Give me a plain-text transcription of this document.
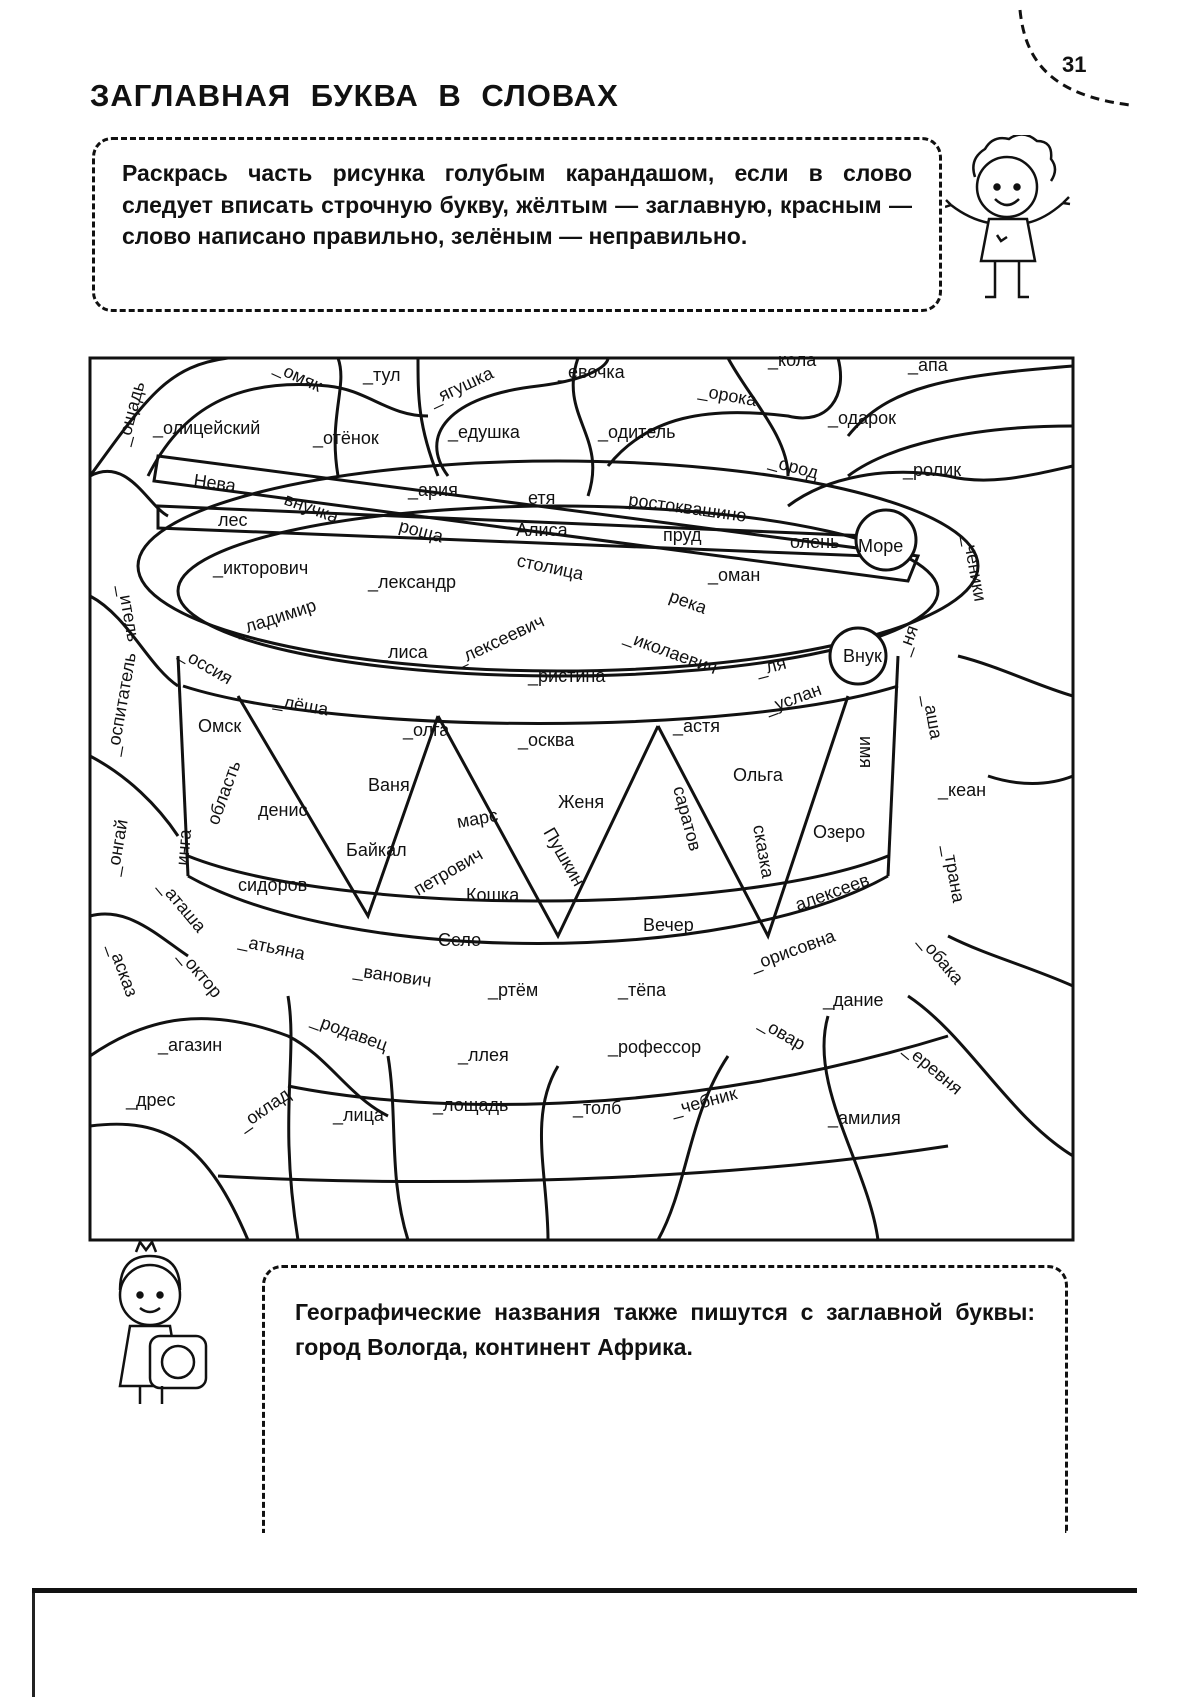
31
ЗАГЛАВНАЯ БУКВА В СЛОВАХ
Раскрась часть рисунка голубым карандашом, если в слово следует вписать строчную букву, жёлтым — заглавную, красным — слово написано правильно, зелёным — неправильно.
_ощадь
_омяк _тул _ягушка	_евочка
_кола	_апа
_олицейский	_отёнок	_едушка	_одитель
_орока
_одарок
_итель
Нева
внучка	_ария	_етя	_ростоквашино
_ород	_ролик
лес	роща	Алиса	пруд	олень Море
_икторович
_лександр	столица	_оман	_ченики
_ладимир	река
_лиса _лексеевич	_иколаевич	Внук
_оссия	_ристина	_ля
_ня
_оспитатель	_лёша	_услан	_аша
Омск	_олга	_осква
_астя
имя
область	Ваня	Ольга
_кеан
денис	Женя	саратов
марс
Пушкин	сказка
_онгай инга	Байкал
Озеро
петрович	_трана
сидоров	Кошка	алексеев
_аташа	Вечер
Село
_асказ _октор _атьяна
_ванович	_ртём	_тёпа
_орисовна	_обака
_дание
_агазин	_родавец	_ллея	_рофессор	_овар
_еревня
_дрес	_оклад _лица	_лощадь	_толб	_чебник	_амилия
Географические названия также пишутся с заглавной буквы: город Вологда, континент Африка.
